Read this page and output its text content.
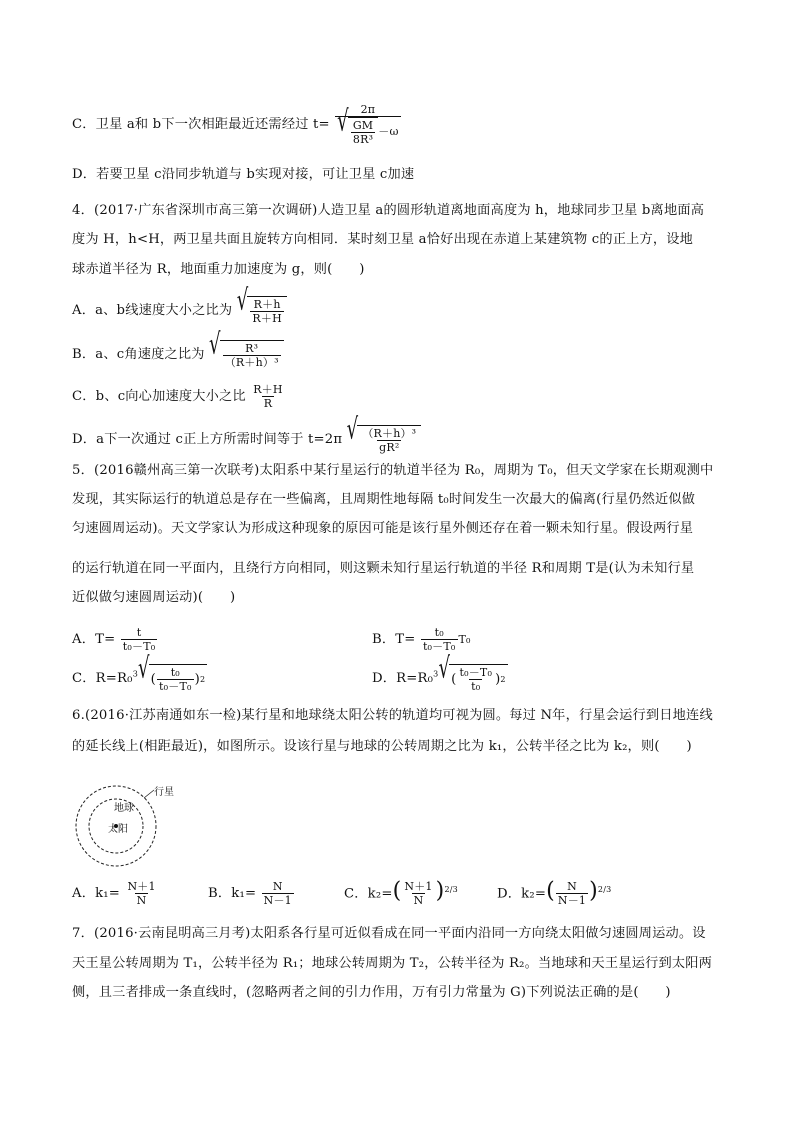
C．卫星 a和 b下一次相距最近还需经过 $t= \frac{2\pi}{√ \frac{GM}{\text{8R³}} -\omega}$
D．若要卫星 c沿同步轨道与 b实现对接，可让卫星 c加速
4．(2017·广东省深圳市高三第一次调研)人造卫星 a的圆形轨道离地面高度为 h，地球同步卫星 b离地面高
度为 H，h<H，两卫星共面且旋转方向相同．某时刻卫星 a恰好出现在赤道上某建筑物 c的正上方，设地
球赤道半径为 R，地面重力加速度为 g，则(　　)
A．a、b线速度大小之比为 √ $\frac{R+h}{R+H}$
B．a、c角速度之比为 √ $\frac{\text{R³}}{\text{（R＋h）³}}$
C．b、c向心加速度大小之比 $\frac{R+H}{R}$
D．a下一次通过 c正上方所需时间等于 t=2π √ $\frac{\text{（R＋h）³}}{\text{gR²}}$
5．(2016赣州高三第一次联考)太阳系中某行星运行的轨道半径为 R₀，周期为 T₀，但天文学家在长期观测中
发现，其实际运行的轨道总是存在一些偏离，且周期性地每隔 t₀时间发生一次最大的偏离(行星仍然近似做
匀速圆周运动)。天文学家认为形成这种现象的原因可能是该行星外侧还存在着一颗未知行星。假设两行星
的运行轨道在同一平面内，且绕行方向相同，则这颗未知行星运行轨道的半径 R和周期 T是(认为未知行星
近似做匀速圆周运动)(　　)
A．$T= \frac{t}{\text{t₀－T₀}}$	B．$T= \frac{\text{t₀}}{\text{t₀－T₀}} T_0$
C．R=R₀$^3$ √ ( $\frac{\text{t₀}}{\text{t₀－T₀}}$ ) 2	D．R=R₀$^3$ √ ( $\frac{\text{t₀－T₀}}{\text{t₀}}$ ) 2
6.(2016·江苏南通如东一检)某行星和地球绕太阳公转的轨道均可视为圆。每过 N年，行星会运行到日地连线
的延长线上(相距最近)，如图所示。设该行星与地球的公转周期之比为 k₁，公转半径之比为 k₂，则(　　)
行星
地球
太阳
A．$k_1= \frac{N+1}{N}$	B．$k_1= \frac{N}{N-1}$	C．$k_2=( \frac{N+1}{N} )^{2/3}$	D．$k_2=( \frac{N}{N-1} )^{2/3}$
7．(2016·云南昆明高三月考)太阳系各行星可近似看成在同一平面内沿同一方向绕太阳做匀速圆周运动。设
天王星公转周期为 T₁，公转半径为 R₁；地球公转周期为 T₂，公转半径为 R₂。当地球和天王星运行到太阳两
侧，且三者排成一条直线时，(忽略两者之间的引力作用，万有引力常量为 G)下列说法正确的是(　　)
